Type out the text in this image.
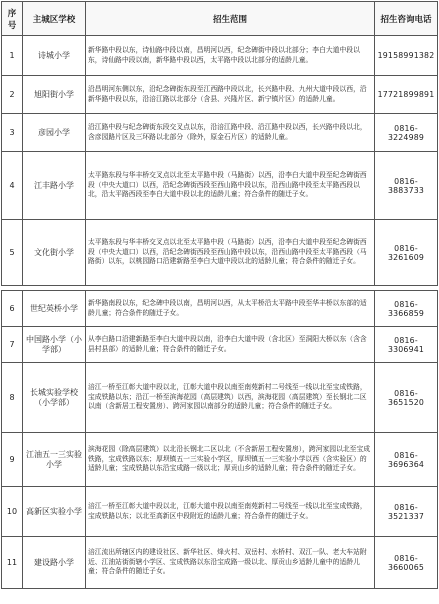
序号	主城区学校	招生范围	招生咨询电话
1	诗城小学	新华路中段以东，诗仙路中段以南，昌明河以西，纪念碑街中段以北部分；李白大道中段以东，诗仙路中段以南，新华路中段以西，太平路中段以北部分的适龄儿童。	19158991382
2	旭阳街小学	沿昌明河东侧以东，沿纪念碑街东段至江西路中段以北，长兴路中段、九州大道中段以西，沿新华路中段以东，沿涪江路以北部分（含县、兴隆片区、新宁镇片区）的适龄儿童。	17721899891
3	彦园小学	沿江路中段与纪念碑街东段交叉点以东，沿涪江路中段、沿江路中段以西，长兴路中段以北，含彦园路片区及三环路以北部分（除外，原金石片区）的适龄儿童。	0816-3224989
4	江丰路小学	太平路东段与华丰桥交叉点以北至太平路中段（马路街）以西，沿李白大道中段至纪念碑街西段（中央大道口）以西，沿纪念碑街西段至西山路中段以东，沿西山路中段至太平路西段以北，沿太平路西段至李白大道中段以北的适龄儿童；符合条件的随迁子女。	0816-3883733
5	文化街小学	太平路东段与华丰桥交叉点以北至太平路中段（马路街）以西，沿李白大道中段至纪念碑街西段（中央大道口）以西，沿纪念碑街西段至西山路中段以东，沿西山路中段至太平路西段（马路街）以东，以桃园路口沿建新路至李白大道中段以北的适龄儿童；符合条件的随迁子女。	0816-3261609

6	世纪英桥小学	新华路南段以东，纪念碑中段以南，昌明河以西，从太平桥沿太平路中段至华丰桥以东部的适龄儿童；符合条件的随迁子女。	0816-3366859
7	中国路小学（小学部）	从李白路口沿建新路至李白大道中段以南，沿李白大道中段（含北区）至洞阳大桥以东（含含县村县部）的适龄儿童；符合条件的随迁子女。	0816-3306941
8	长城实验学校（小学部）	涪江一桥至江彰大道中段以北，江彰大道中段以南至南苑新村二号线至一线以北至宝成铁路，宝成铁路以东；沿江一桥至滨海花园（高层建筑）以西，滨海花园（高层建筑）至长钢北二区以南（含新居工程安置房）、跨河家园以南部分的适龄儿童；符合条件的随迁子女。	0816-3651520
9	江油五一三实验小学	滨海花园（除高层建筑）以北沿长钢北二区以北（不含新居工程安置房），跨河家园以北至宝成铁路，宝成铁路以东；厚坝镇五一三实验小学区，厚坝镇五一三实验小学以西（含实验区）的适龄儿童；宝成铁路以东沿宝成路一级以北；厚贡山乡的适龄儿童；符合条件的随迁子女。	0816-3696364
10	高新区实验小学	涪江一桥至江彰大道中段以北，江彰大道中段以南至南苑新村二号线至一线以北至宝成铁路，宝成铁路以东；以北至高新区中段附近的适龄儿童；符合条件的随迁子女。	0816-3521337
11	建设路小学	涪江流出所辖区内的建设社区、新华社区、烽火村、双岳村、水桥村、双江一队、老大车站附近、江油站街街辖小学区、宝成铁路以东沿宝成路一级以北、厚贡山乡适龄儿童中的适龄儿童；符合条件的随迁子女。	0816-3660065
